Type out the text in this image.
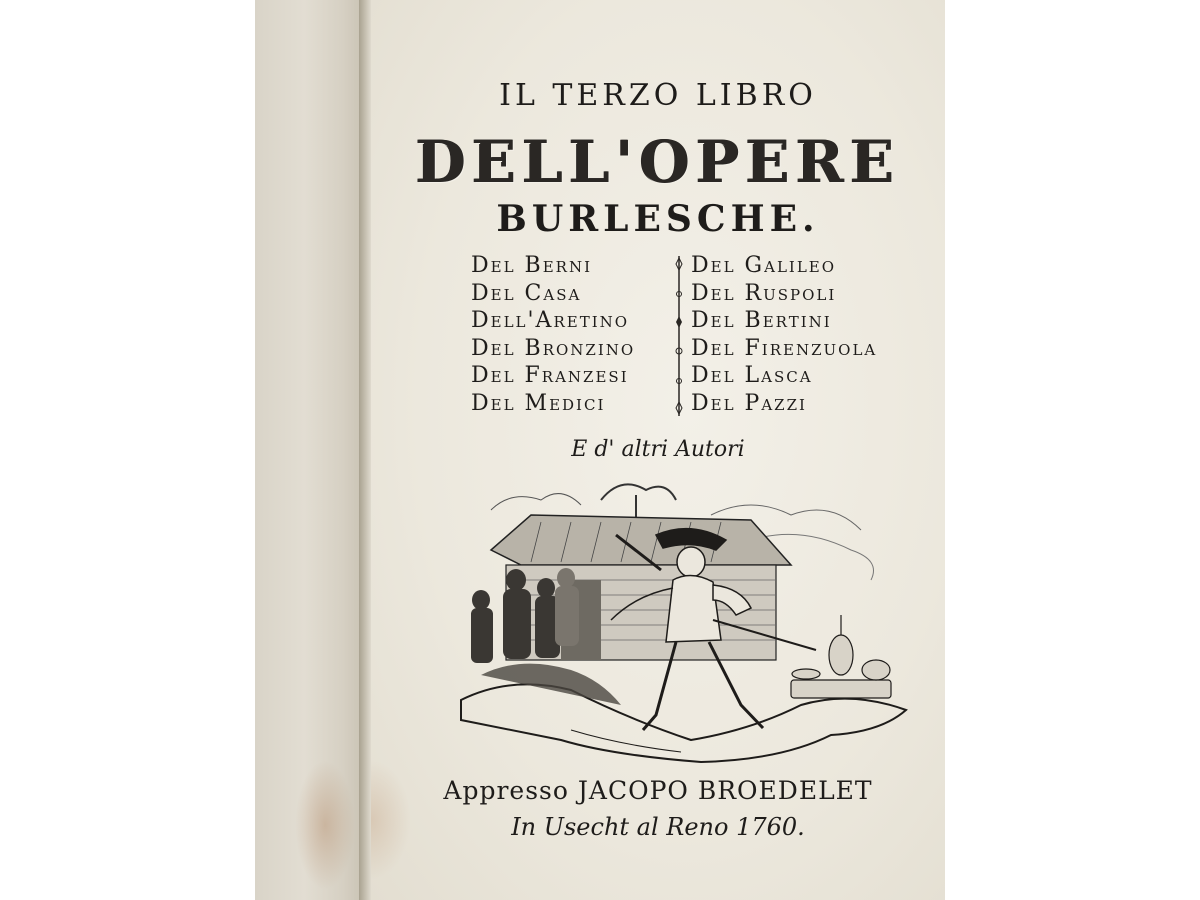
IL TERZO LIBRO
DELL'OPERE
BURLESCHE.
Del Berni
Del Casa
Dell'Aretino
Del Bronzino
Del Franzesi
Del Medici
Del Galileo
Del Ruspoli
Del Bertini
Del Firenzuola
Del Lasca
Del Pazzi
E d' altri Autori
Appresso JACOPO BROEDELET
In Usecht al Reno 1760.
